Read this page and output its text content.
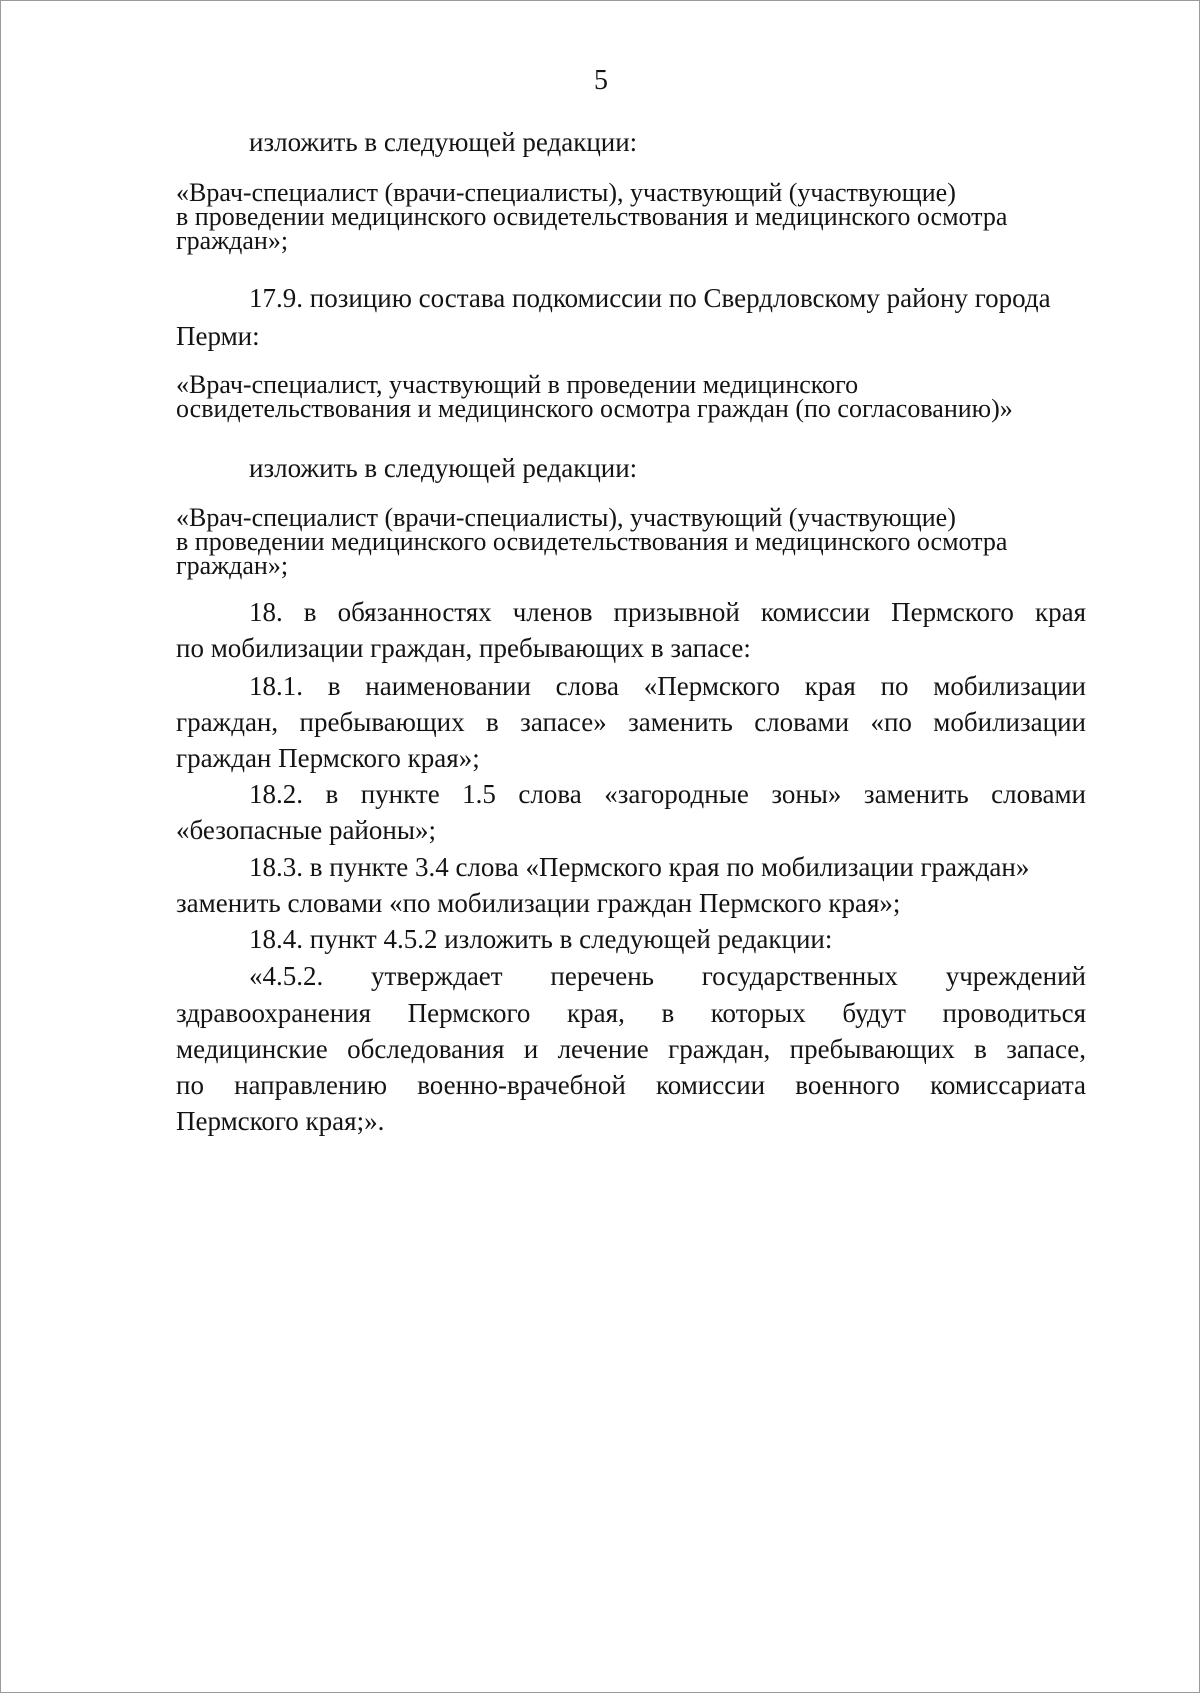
5
изложить в следующей редакции:
«Врач-специалист (врачи-специалисты), участвующий (участвующие)
в проведении медицинского освидетельствования и медицинского осмотра
граждан»;
17.9. позицию состава подкомиссии по Свердловскому району города
Перми:
«Врач-специалист, участвующий в проведении медицинского
освидетельствования и медицинского осмотра граждан (по согласованию)»
изложить в следующей редакции:
«Врач-специалист (врачи-специалисты), участвующий (участвующие)
в проведении медицинского освидетельствования и медицинского осмотра
граждан»;
18. в обязанностях членов призывной комиссии Пермского края
по мобилизации граждан, пребывающих в запасе:
18.1. в наименовании слова «Пермского края по мобилизации
граждан, пребывающих в запасе» заменить словами «по мобилизации
граждан Пермского края»;
18.2. в пункте 1.5 слова «загородные зоны» заменить словами
«безопасные районы»;
18.3. в пункте 3.4 слова «Пермского края по мобилизации граждан»
заменить словами «по мобилизации граждан Пермского края»;
18.4. пункт 4.5.2 изложить в следующей редакции:
«4.5.2. утверждает перечень государственных учреждений
здравоохранения Пермского края, в которых будут проводиться
медицинские обследования и лечение граждан, пребывающих в запасе,
по направлению военно-врачебной комиссии военного комиссариата
Пермского края;».
